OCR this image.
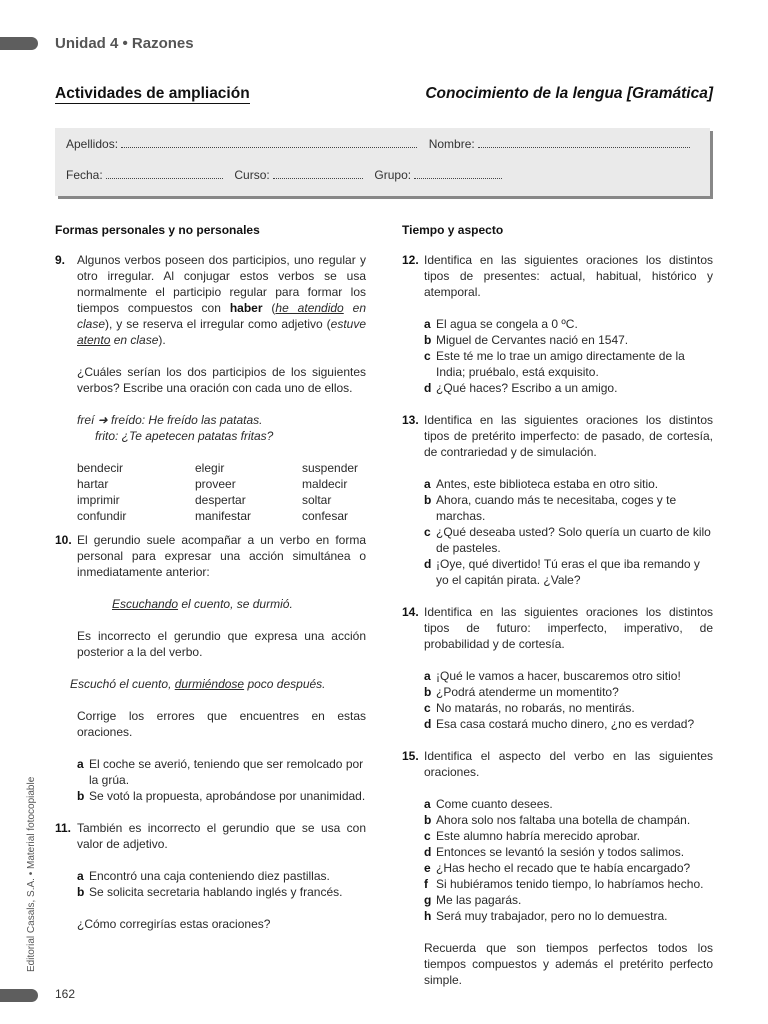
Unidad 4 • Razones
Actividades de ampliación	Conocimiento de la lengua [Gramática]
Apellidos:	Nombre:
Fecha:	Curso:	Grupo:
Formas personales y no personales

9. Algunos verbos poseen dos participios, uno regular y otro irregular. Al conjugar estos verbos se usa normalmente el participio regular para formar los tiempos compuestos con haber (he atendido en clase), y se reserva el irregular como adjetivo (estuve atento en clase).

¿Cuáles serían los dos participios de los siguientes verbos? Escribe una oración con cada uno de ellos.

freí ➜ freído: He freído las patatas.

frito: ¿Te apetecen patatas fritas?

bendecir	elegir	suspender
hartar	proveer	maldecir
imprimir	despertar	soltar
confundir	manifestar	confesar

10. El gerundio suele acompañar a un verbo en forma personal para expresar una acción simultánea o inmediatamente anterior:

Escuchando el cuento, se durmió.

Es incorrecto el gerundio que expresa una acción posterior a la del verbo.

Escuchó el cuento, durmiéndose poco después.

Corrige los errores que encuentres en estas oraciones.

a El coche se averió, teniendo que ser remolcado por la grúa.

b Se votó la propuesta, aprobándose por unanimidad.

11. También es incorrecto el gerundio que se usa con valor de adjetivo.

a Encontró una caja conteniendo diez pastillas.

b Se solicita secretaria hablando inglés y francés.

¿Cómo corregirías estas oraciones?

Tiempo y aspecto

12. Identifica en las siguientes oraciones los distintos tipos de presentes: actual, habitual, histórico y atemporal.

a El agua se congela a 0 ºC.

b Miguel de Cervantes nació en 1547.

c Este té me lo trae un amigo directamente de la India; pruébalo, está exquisito.

d ¿Qué haces? Escribo a un amigo.

13. Identifica en las siguientes oraciones los distintos tipos de pretérito imperfecto: de pasado, de cortesía, de contrariedad y de simulación.

a Antes, este biblioteca estaba en otro sitio.

b Ahora, cuando más te necesitaba, coges y te marchas.

c ¿Qué deseaba usted? Solo quería un cuarto de kilo de pasteles.

d ¡Oye, qué divertido! Tú eras el que iba remando y yo el capitán pirata. ¿Vale?

14. Identifica en las siguientes oraciones los distintos tipos de futuro: imperfecto, imperativo, de probabilidad y de cortesía.

a ¡Qué le vamos a hacer, buscaremos otro sitio!

b ¿Podrá atenderme un momentito?

c No matarás, no robarás, no mentirás.

d Esa casa costará mucho dinero, ¿no es verdad?

15. Identifica el aspecto del verbo en las siguientes oraciones.

a Come cuanto desees.

b Ahora solo nos faltaba una botella de champán.

c Este alumno habría merecido aprobar.

d Entonces se levantó la sesión y todos salimos.

e ¿Has hecho el recado que te había encargado?

f Si hubiéramos tenido tiempo, lo habríamos hecho.

g Me las pagarás.

h Será muy trabajador, pero no lo demuestra.

Recuerda que son tiempos perfectos todos los tiempos compuestos y además el pretérito perfecto simple.

Editorial Casals, S.A. • Material fotocopiable
162
